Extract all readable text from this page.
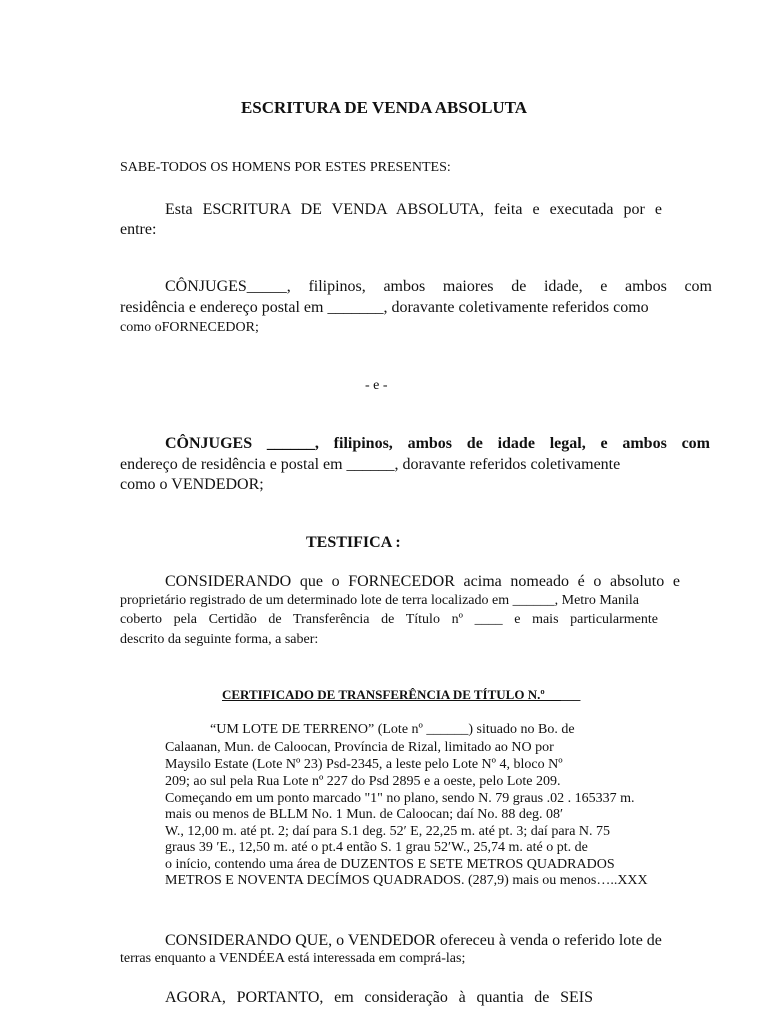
ESCRITURA DE VENDA ABSOLUTA

SABE-TODOS OS HOMENS POR ESTES PRESENTES:

Esta ESCRITURA DE VENDA ABSOLUTA, feita e executada por e

entre:

CÔNJUGES_____, filipinos, ambos maiores de idade, e ambos com

residência e endereço postal em _______, doravante coletivamente referidos como

como oFORNECEDOR;

- e -

CÔNJUGES ______, filipinos, ambos de idade legal, e ambos com

endereço de residência e postal em ______, doravante referidos coletivamente

como o VENDEDOR;

TESTIFICA :

CONSIDERANDO que o FORNECEDOR acima nomeado é o absoluto e

proprietário registrado de um determinado lote de terra localizado em ______, Metro Manila

coberto pela Certidão de Transferência de Título nº ____ e mais particularmente

descrito da seguinte forma, a saber:

CERTIFICADO DE TRANSFERÊNCIA DE TÍTULO N.º _____

“UM LOTE DE TERRENO” (Lote nº ______) situado no Bo. de

Calaanan, Mun. de Caloocan, Província de Rizal, limitado ao NO por

Maysilo Estate (Lote Nº 23) Psd-2345, a leste pelo Lote Nº 4, bloco Nº

209; ao sul pela Rua Lote nº 227 do Psd 2895 e a oeste, pelo Lote 209.

Começando em um ponto marcado "1" no plano, sendo N. 79 graus .02 . 165337 m.

mais ou menos de BLLM No. 1 Mun. de Caloocan; daí No. 88 deg. 08′

W., 12,00 m. até pt. 2; daí para S.1 deg. 52′ E, 22,25 m. até pt. 3; daí para N. 75

graus 39 ′E., 12,50 m. até o pt.4 então S. 1 grau 52′W., 25,74 m. até o pt. de

o início, contendo uma área de DUZENTOS E SETE METROS QUADRADOS

METROS E NOVENTA DECÍMOS QUADRADOS. (287,9) mais ou menos…..XXX

CONSIDERANDO QUE, o VENDEDOR ofereceu à venda o referido lote de

terras enquanto a VENDÉEA está interessada em comprá-las;

AGORA, PORTANTO, em consideração à quantia de SEIS
